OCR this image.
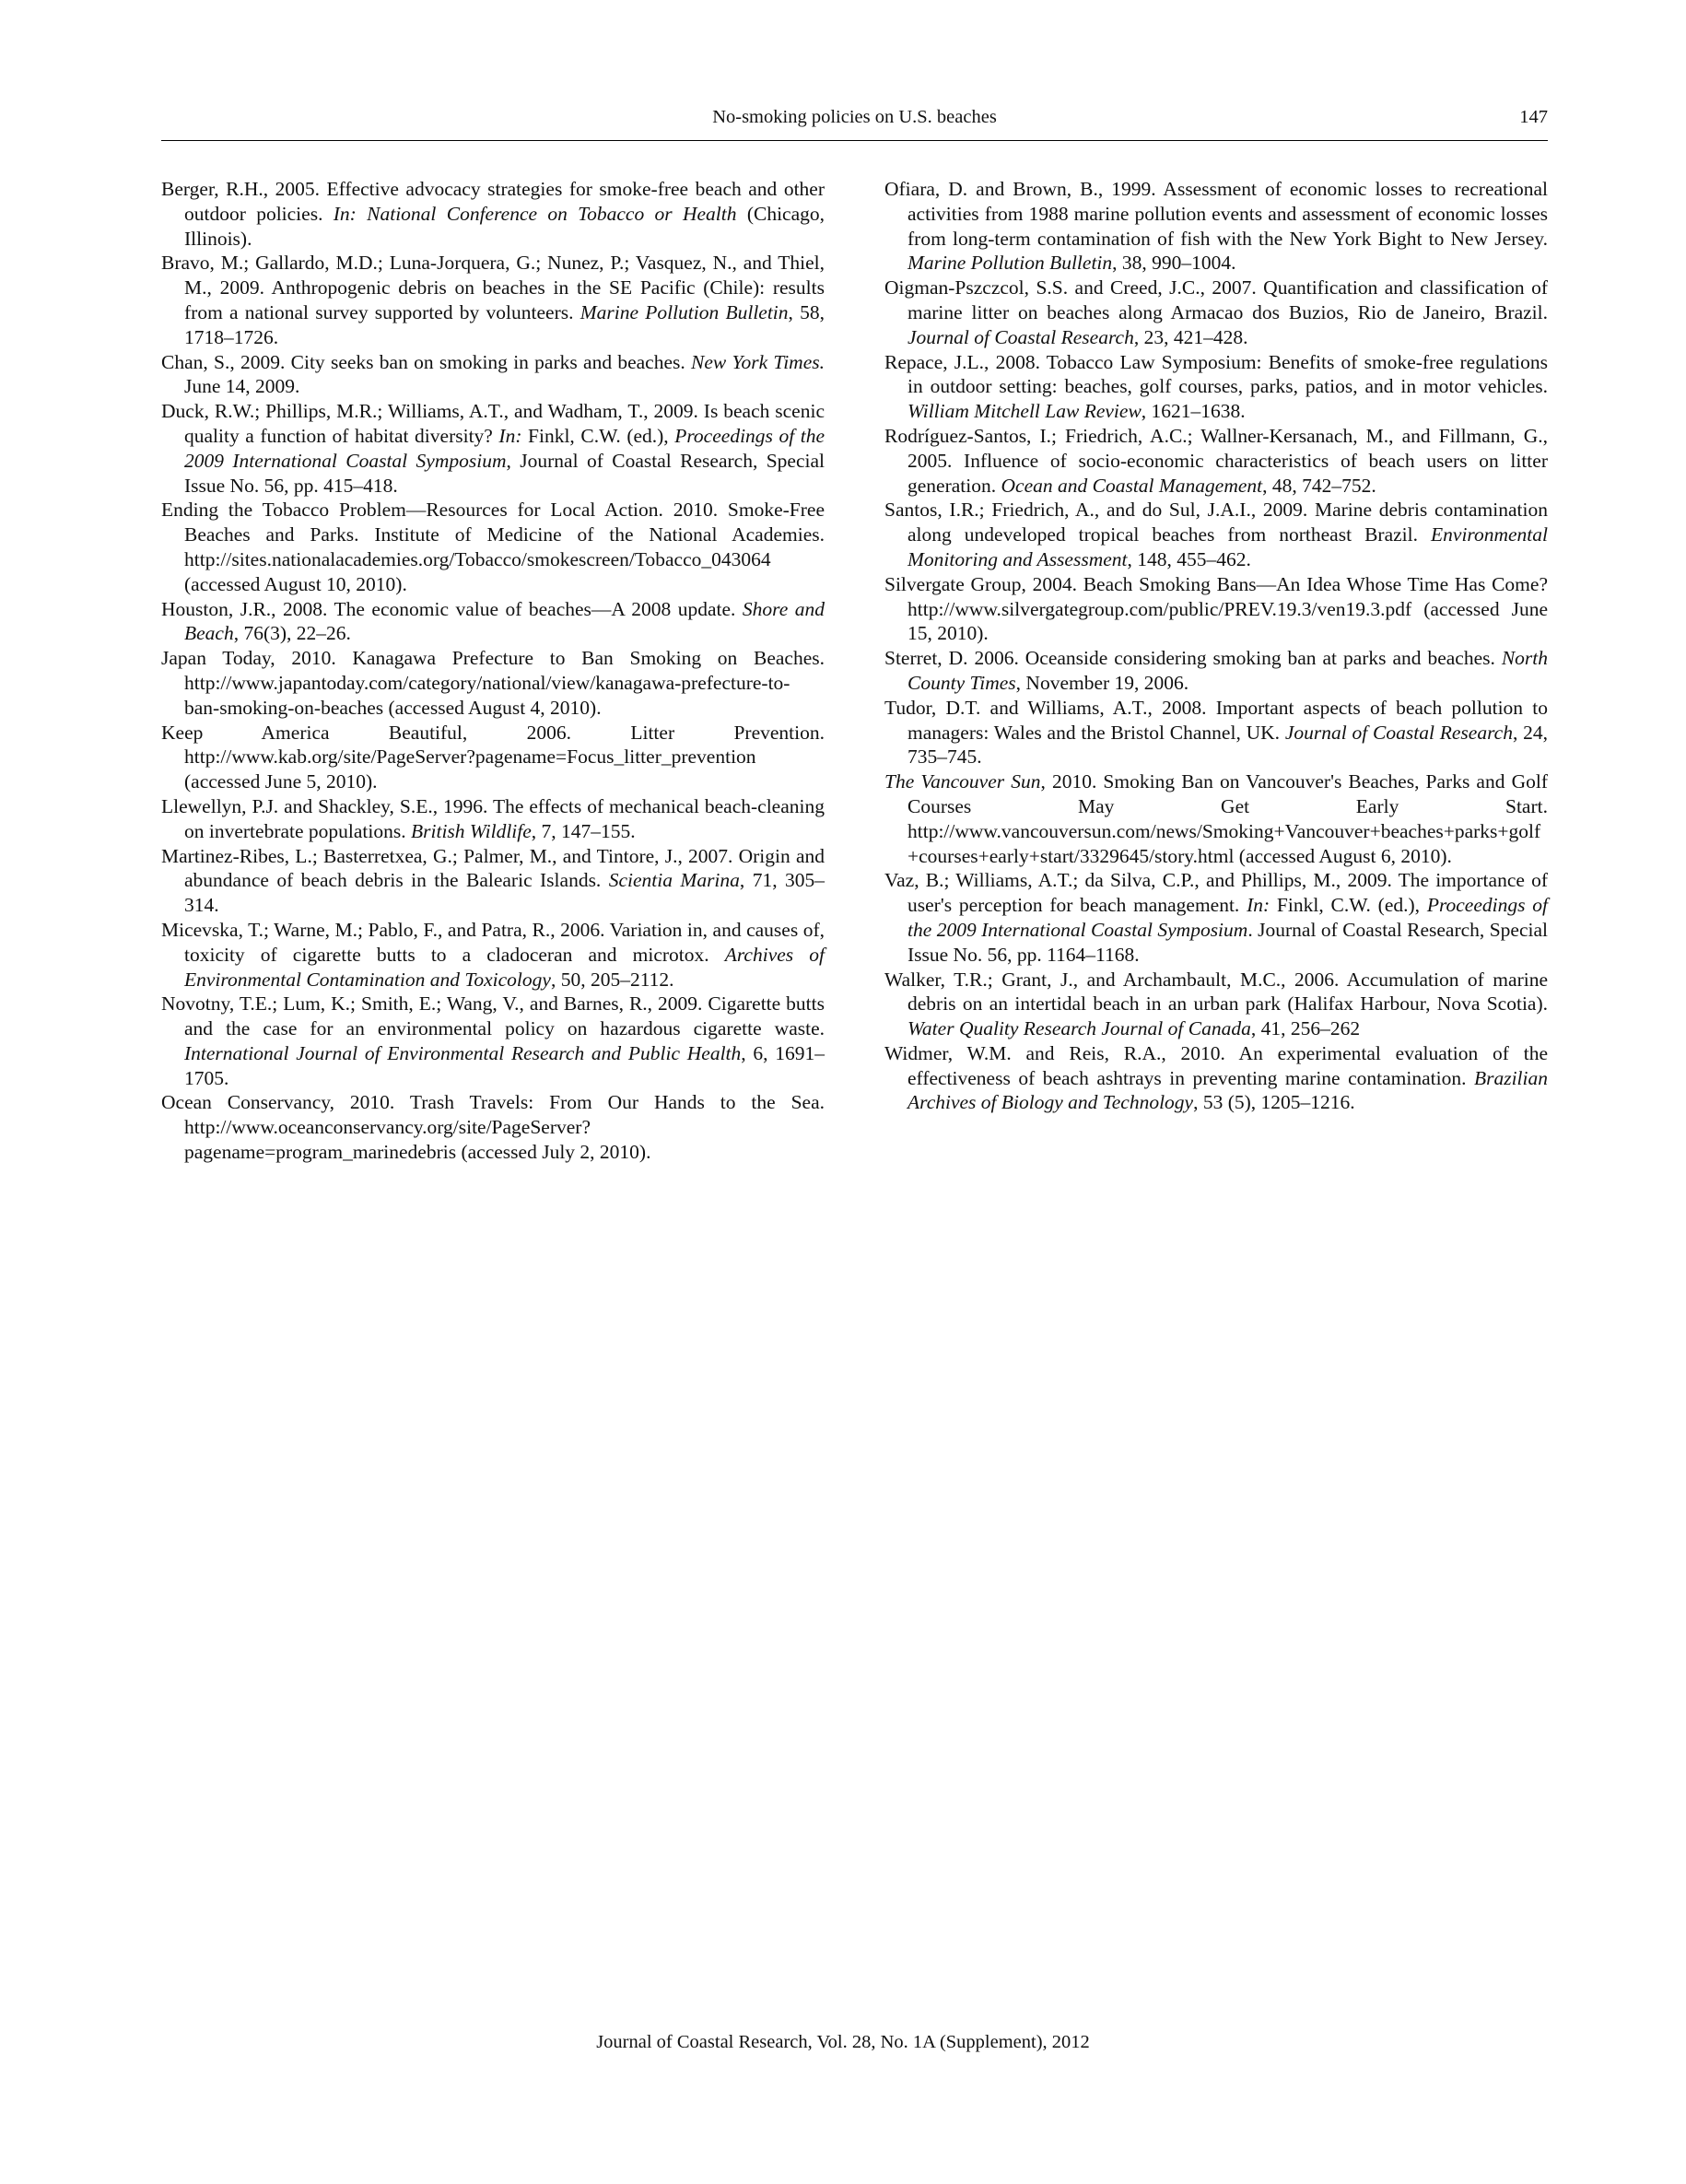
No-smoking policies on U.S. beaches	147

Berger, R.H., 2005. Effective advocacy strategies for smoke-free beach and other outdoor policies. In: National Conference on Tobacco or Health (Chicago, Illinois).

Bravo, M.; Gallardo, M.D.; Luna-Jorquera, G.; Nunez, P.; Vasquez, N., and Thiel, M., 2009. Anthropogenic debris on beaches in the SE Pacific (Chile): results from a national survey supported by volunteers. Marine Pollution Bulletin, 58, 1718–1726.

Chan, S., 2009. City seeks ban on smoking in parks and beaches. New York Times. June 14, 2009.

Duck, R.W.; Phillips, M.R.; Williams, A.T., and Wadham, T., 2009. Is beach scenic quality a function of habitat diversity? In: Finkl, C.W. (ed.), Proceedings of the 2009 International Coastal Symposium, Journal of Coastal Research, Special Issue No. 56, pp. 415–418.

Ending the Tobacco Problem—Resources for Local Action. 2010. Smoke-Free Beaches and Parks. Institute of Medicine of the National Academies. http://sites.nationalacademies.org/Tobacco/smokescreen/Tobacco_043064 (accessed August 10, 2010).

Houston, J.R., 2008. The economic value of beaches—A 2008 update. Shore and Beach, 76(3), 22–26.

Japan Today, 2010. Kanagawa Prefecture to Ban Smoking on Beaches. http://www.japantoday.com/category/national/view/kanagawa-prefecture-to-ban-smoking-on-beaches (accessed August 4, 2010).

Keep America Beautiful, 2006. Litter Prevention. http://www.kab.org/site/PageServer?pagename=Focus_litter_prevention (accessed June 5, 2010).

Llewellyn, P.J. and Shackley, S.E., 1996. The effects of mechanical beach-cleaning on invertebrate populations. British Wildlife, 7, 147–155.

Martinez-Ribes, L.; Basterretxea, G.; Palmer, M., and Tintore, J., 2007. Origin and abundance of beach debris in the Balearic Islands. Scientia Marina, 71, 305–314.

Micevska, T.; Warne, M.; Pablo, F., and Patra, R., 2006. Variation in, and causes of, toxicity of cigarette butts to a cladoceran and microtox. Archives of Environmental Contamination and Toxicology, 50, 205–2112.

Novotny, T.E.; Lum, K.; Smith, E.; Wang, V., and Barnes, R., 2009. Cigarette butts and the case for an environmental policy on hazardous cigarette waste. International Journal of Environmental Research and Public Health, 6, 1691–1705.

Ocean Conservancy, 2010. Trash Travels: From Our Hands to the Sea. http://www.oceanconservancy.org/site/PageServer?pagename=program_marinedebris (accessed July 2, 2010).

Ofiara, D. and Brown, B., 1999. Assessment of economic losses to recreational activities from 1988 marine pollution events and assessment of economic losses from long-term contamination of fish with the New York Bight to New Jersey. Marine Pollution Bulletin, 38, 990–1004.

Oigman-Pszczcol, S.S. and Creed, J.C., 2007. Quantification and classification of marine litter on beaches along Armacao dos Buzios, Rio de Janeiro, Brazil. Journal of Coastal Research, 23, 421–428.

Repace, J.L., 2008. Tobacco Law Symposium: Benefits of smoke-free regulations in outdoor setting: beaches, golf courses, parks, patios, and in motor vehicles. William Mitchell Law Review, 1621–1638.

Rodríguez-Santos, I.; Friedrich, A.C.; Wallner-Kersanach, M., and Fillmann, G., 2005. Influence of socio-economic characteristics of beach users on litter generation. Ocean and Coastal Management, 48, 742–752.

Santos, I.R.; Friedrich, A., and do Sul, J.A.I., 2009. Marine debris contamination along undeveloped tropical beaches from northeast Brazil. Environmental Monitoring and Assessment, 148, 455–462.

Silvergate Group, 2004. Beach Smoking Bans—An Idea Whose Time Has Come? http://www.silvergategroup.com/public/PREV.19.3/ven19.3.pdf (accessed June 15, 2010).

Sterret, D. 2006. Oceanside considering smoking ban at parks and beaches. North County Times, November 19, 2006.

Tudor, D.T. and Williams, A.T., 2008. Important aspects of beach pollution to managers: Wales and the Bristol Channel, UK. Journal of Coastal Research, 24, 735–745.

The Vancouver Sun, 2010. Smoking Ban on Vancouver's Beaches, Parks and Golf Courses May Get Early Start. http://www.vancouversun.com/news/Smoking+Vancouver+beaches+parks+golf+courses+early+start/3329645/story.html (accessed August 6, 2010).

Vaz, B.; Williams, A.T.; da Silva, C.P., and Phillips, M., 2009. The importance of user's perception for beach management. In: Finkl, C.W. (ed.), Proceedings of the 2009 International Coastal Symposium. Journal of Coastal Research, Special Issue No. 56, pp. 1164–1168.

Walker, T.R.; Grant, J., and Archambault, M.C., 2006. Accumulation of marine debris on an intertidal beach in an urban park (Halifax Harbour, Nova Scotia). Water Quality Research Journal of Canada, 41, 256–262

Widmer, W.M. and Reis, R.A., 2010. An experimental evaluation of the effectiveness of beach ashtrays in preventing marine contamination. Brazilian Archives of Biology and Technology, 53 (5), 1205–1216.

Journal of Coastal Research, Vol. 28, No. 1A (Supplement), 2012
